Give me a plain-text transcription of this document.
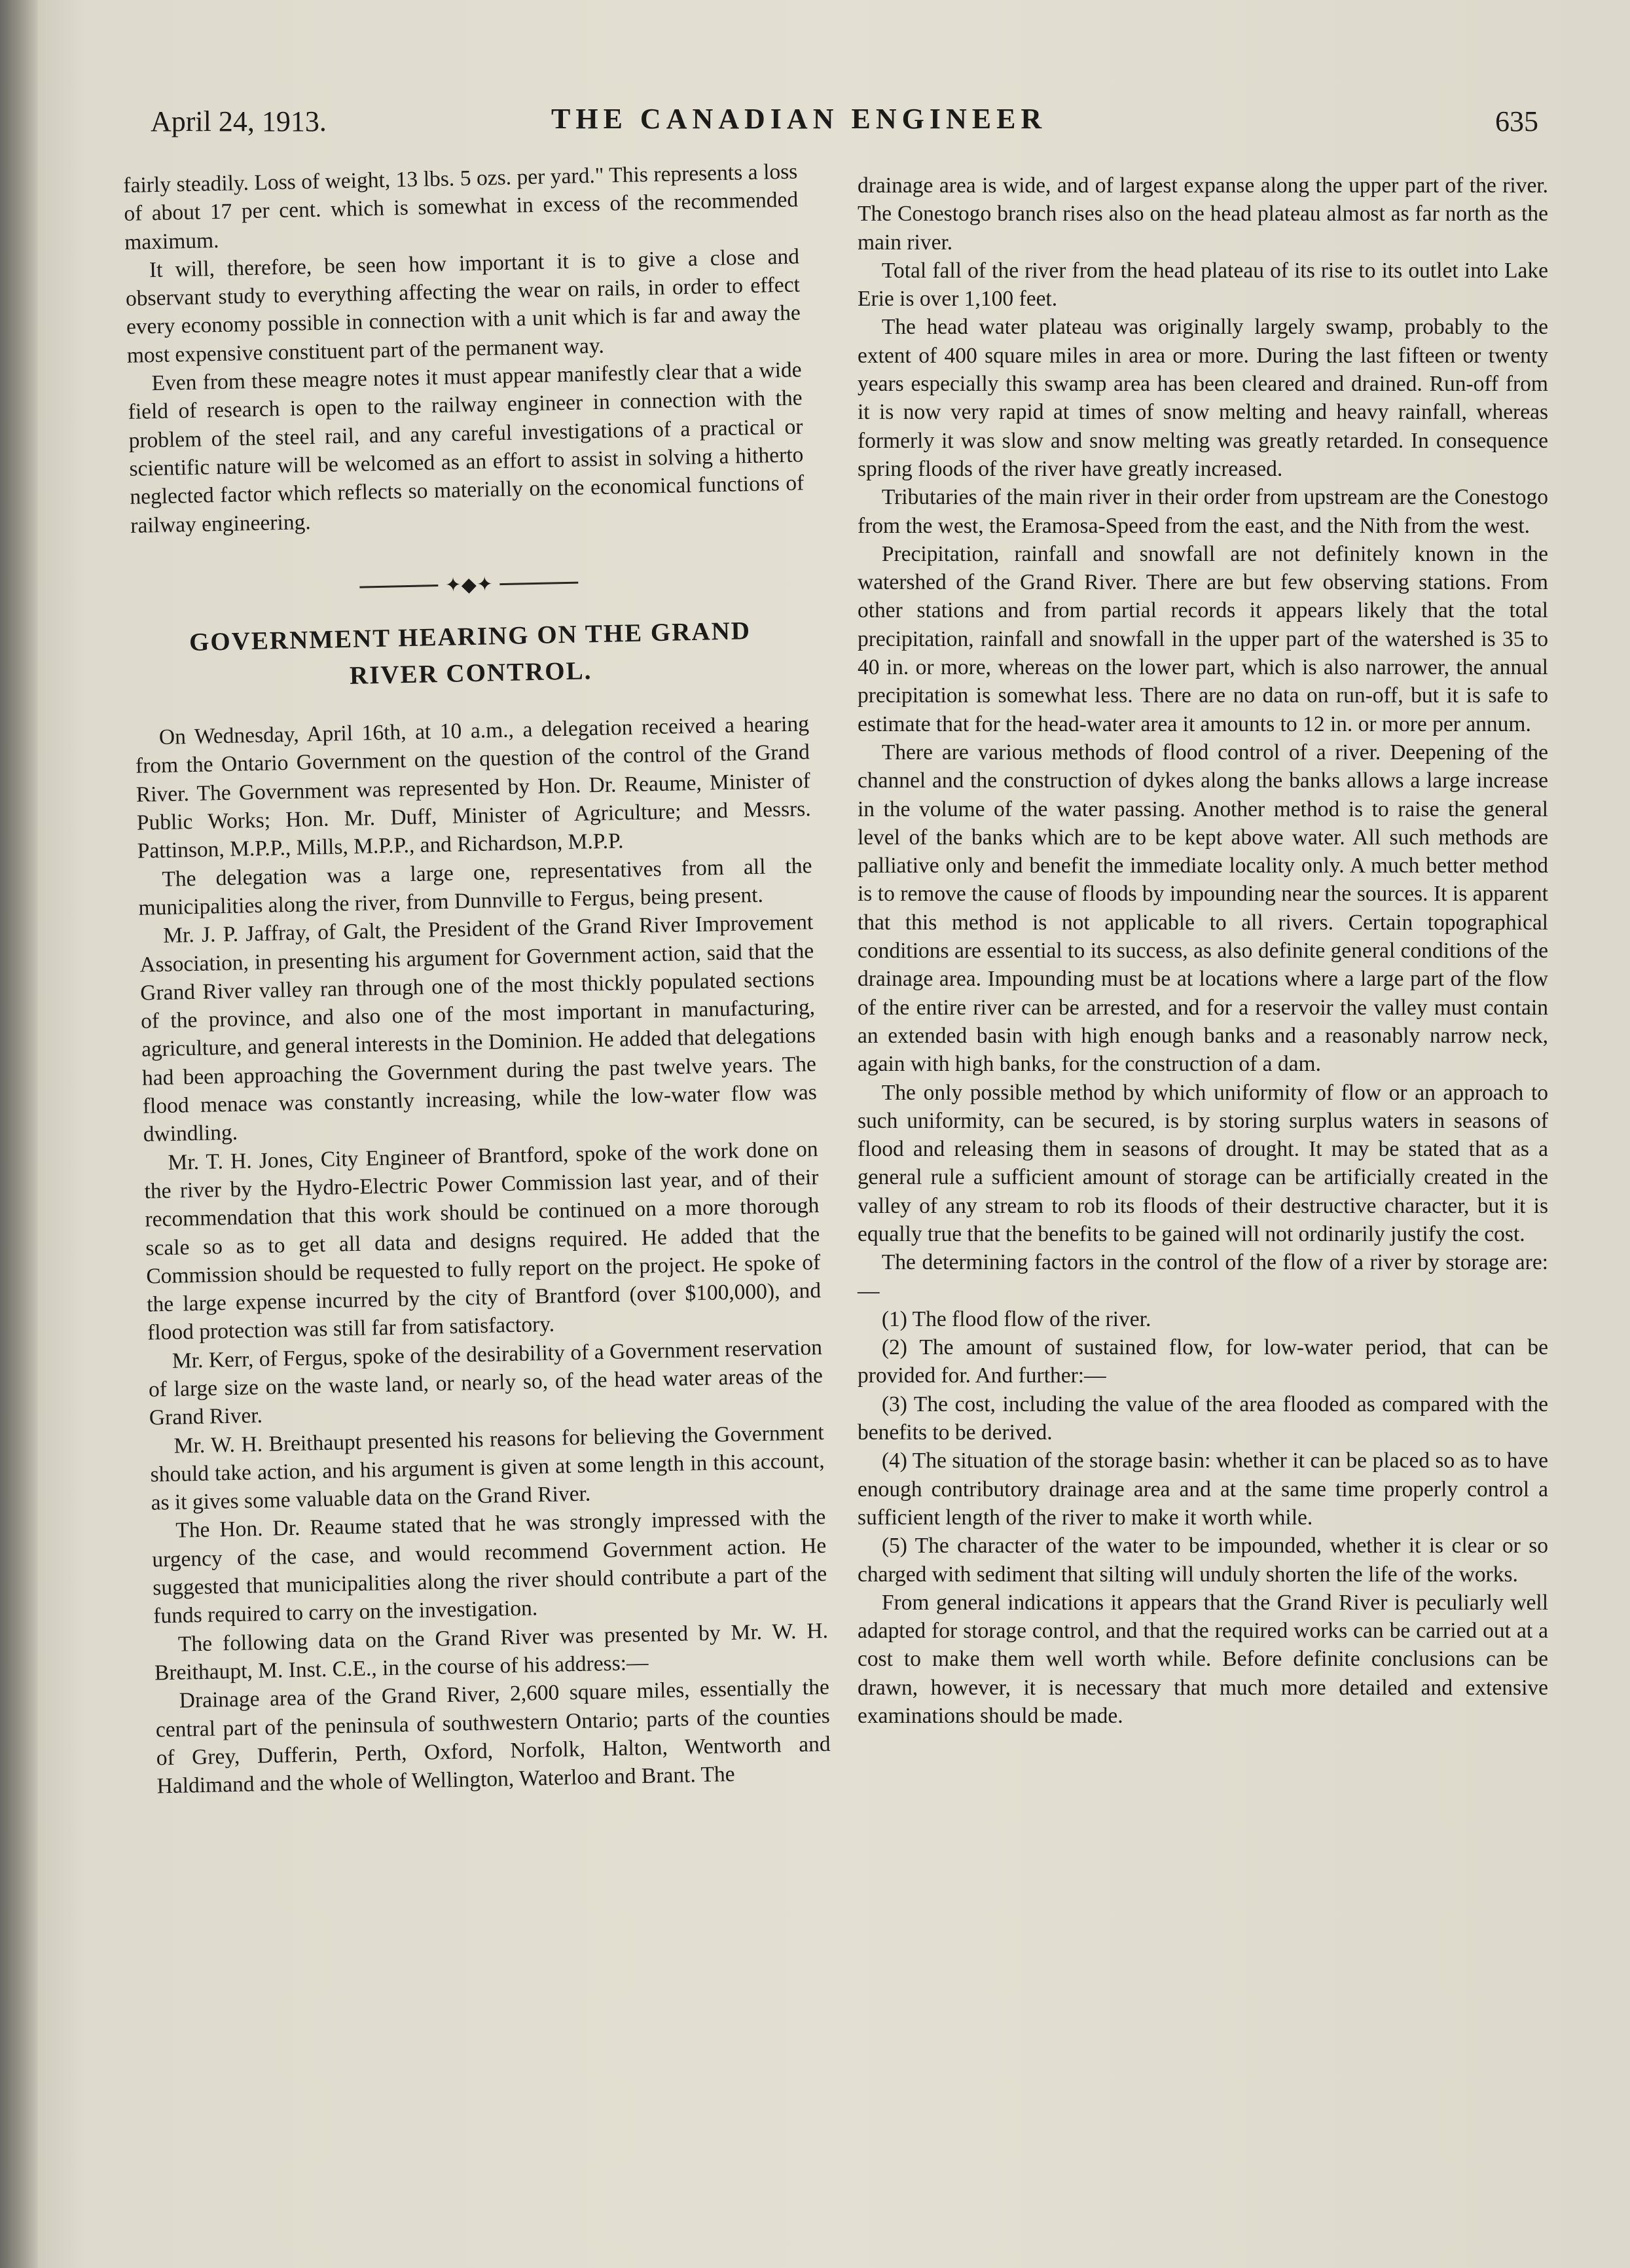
April 24, 1913.	THE CANADIAN ENGINEER	635

fairly steadily. Loss of weight, 13 lbs. 5 ozs. per yard." This represents a loss of about 17 per cent. which is somewhat in excess of the recommended maximum.

It will, therefore, be seen how important it is to give a close and observant study to everything affecting the wear on rails, in order to effect every economy possible in connection with a unit which is far and away the most expensive constituent part of the permanent way.

Even from these meagre notes it must appear manifestly clear that a wide field of research is open to the railway engineer in connection with the problem of the steel rail, and any careful investigations of a practical or scientific nature will be welcomed as an effort to assist in solving a hitherto neglected factor which reflects so materially on the economical functions of railway engineering.

✦◆✦
GOVERNMENT HEARING ON THE GRAND
RIVER CONTROL.

On Wednesday, April 16th, at 10 a.m., a delegation received a hearing from the Ontario Government on the question of the control of the Grand River. The Government was represented by Hon. Dr. Reaume, Minister of Public Works; Hon. Mr. Duff, Minister of Agriculture; and Messrs. Pattinson, M.P.P., Mills, M.P.P., and Richardson, M.P.P.

The delegation was a large one, representatives from all the municipalities along the river, from Dunnville to Fergus, being present.

Mr. J. P. Jaffray, of Galt, the President of the Grand River Improvement Association, in presenting his argument for Government action, said that the Grand River valley ran through one of the most thickly populated sections of the province, and also one of the most important in manufacturing, agriculture, and general interests in the Dominion. He added that delegations had been approaching the Government during the past twelve years. The flood menace was constantly increasing, while the low-water flow was dwindling.

Mr. T. H. Jones, City Engineer of Brantford, spoke of the work done on the river by the Hydro-Electric Power Commission last year, and of their recommendation that this work should be continued on a more thorough scale so as to get all data and designs required. He added that the Commission should be requested to fully report on the project. He spoke of the large expense incurred by the city of Brantford (over $100,000), and flood protection was still far from satisfactory.

Mr. Kerr, of Fergus, spoke of the desirability of a Government reservation of large size on the waste land, or nearly so, of the head water areas of the Grand River.

Mr. W. H. Breithaupt presented his reasons for believing the Government should take action, and his argument is given at some length in this account, as it gives some valuable data on the Grand River.

The Hon. Dr. Reaume stated that he was strongly impressed with the urgency of the case, and would recommend Government action. He suggested that municipalities along the river should contribute a part of the funds required to carry on the investigation.

The following data on the Grand River was presented by Mr. W. H. Breithaupt, M. Inst. C.E., in the course of his address:—

Drainage area of the Grand River, 2,600 square miles, essentially the central part of the peninsula of southwestern Ontario; parts of the counties of Grey, Dufferin, Perth, Oxford, Norfolk, Halton, Wentworth and Haldimand and the whole of Wellington, Waterloo and Brant. The

drainage area is wide, and of largest expanse along the upper part of the river. The Conestogo branch rises also on the head plateau almost as far north as the main river.

Total fall of the river from the head plateau of its rise to its outlet into Lake Erie is over 1,100 feet.

The head water plateau was originally largely swamp, probably to the extent of 400 square miles in area or more. During the last fifteen or twenty years especially this swamp area has been cleared and drained. Run-off from it is now very rapid at times of snow melting and heavy rainfall, whereas formerly it was slow and snow melting was greatly retarded. In consequence spring floods of the river have greatly increased.

Tributaries of the main river in their order from upstream are the Conestogo from the west, the Eramosa-Speed from the east, and the Nith from the west.

Precipitation, rainfall and snowfall are not definitely known in the watershed of the Grand River. There are but few observing stations. From other stations and from partial records it appears likely that the total precipitation, rainfall and snowfall in the upper part of the watershed is 35 to 40 in. or more, whereas on the lower part, which is also narrower, the annual precipitation is somewhat less. There are no data on run-off, but it is safe to estimate that for the head-water area it amounts to 12 in. or more per annum.

There are various methods of flood control of a river. Deepening of the channel and the construction of dykes along the banks allows a large increase in the volume of the water passing. Another method is to raise the general level of the banks which are to be kept above water. All such methods are palliative only and benefit the immediate locality only. A much better method is to remove the cause of floods by impounding near the sources. It is apparent that this method is not applicable to all rivers. Certain topographical conditions are essential to its success, as also definite general conditions of the drainage area. Impounding must be at locations where a large part of the flow of the entire river can be arrested, and for a reservoir the valley must contain an extended basin with high enough banks and a reasonably narrow neck, again with high banks, for the construction of a dam.

The only possible method by which uniformity of flow or an approach to such uniformity, can be secured, is by storing surplus waters in seasons of flood and releasing them in seasons of drought. It may be stated that as a general rule a sufficient amount of storage can be artificially created in the valley of any stream to rob its floods of their destructive character, but it is equally true that the benefits to be gained will not ordinarily justify the cost.

The determining factors in the control of the flow of a river by storage are:—

(1) The flood flow of the river.

(2) The amount of sustained flow, for low-water period, that can be provided for. And further:—

(3) The cost, including the value of the area flooded as compared with the benefits to be derived.

(4) The situation of the storage basin: whether it can be placed so as to have enough contributory drainage area and at the same time properly control a sufficient length of the river to make it worth while.

(5) The character of the water to be impounded, whether it is clear or so charged with sediment that silting will unduly shorten the life of the works.

From general indications it appears that the Grand River is peculiarly well adapted for storage control, and that the required works can be carried out at a cost to make them well worth while. Before definite conclusions can be drawn, however, it is necessary that much more detailed and extensive examinations should be made.
